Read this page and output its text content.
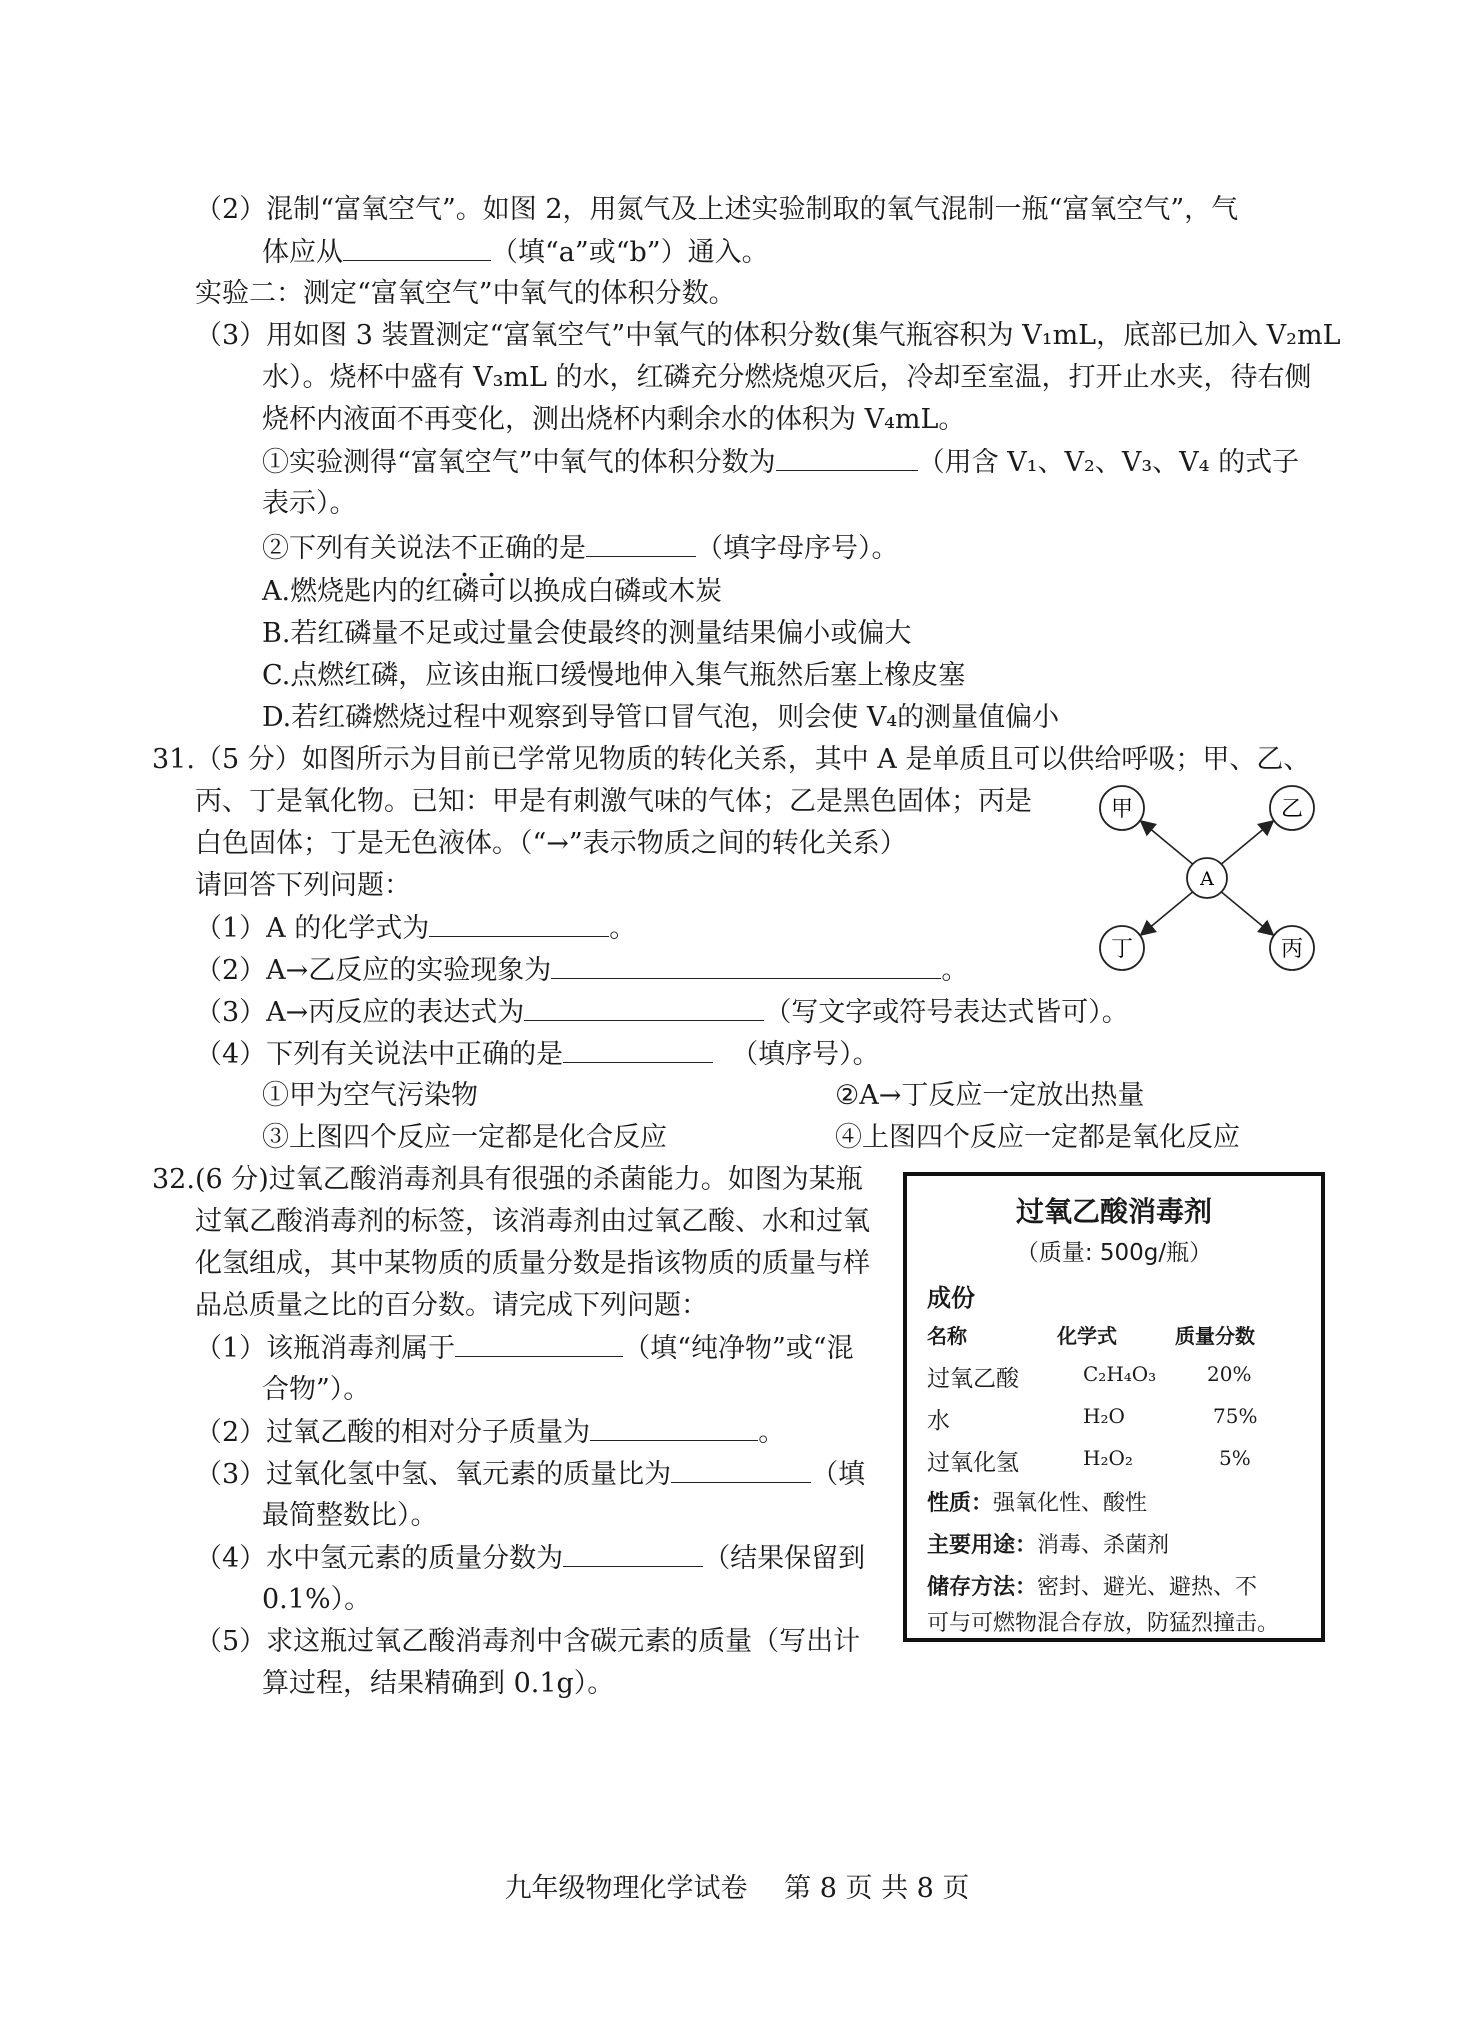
（2）混制“富氧空气”。如图 2，用氮气及上述实验制取的氧气混制一瓶“富氧空气”，气
体应从	（填“a”或“b”）通入。
实验二：测定“富氧空气”中氧气的体积分数。
（3）用如图 3 装置测定“富氧空气”中氧气的体积分数(集气瓶容积为 V₁mL，底部已加入 V₂mL
水）。烧杯中盛有 V₃mL 的水，红磷充分燃烧熄灭后，冷却至室温，打开止水夹，待右侧
烧杯内液面不再变化，测出烧杯内剩余水的体积为 V₄mL。
①实验测得“富氧空气”中氧气的体积分数为	（用含 V₁、V₂、V₃、V₄ 的式子
表示）。
②下列有关说法不正确的是	（填字母序号）。
A.燃烧匙内的红磷可以换成白磷或木炭
B.若红磷量不足或过量会使最终的测量结果偏小或偏大
C.点燃红磷，应该由瓶口缓慢地伸入集气瓶然后塞上橡皮塞
D.若红磷燃烧过程中观察到导管口冒气泡，则会使 V₄的测量值偏小
31.（5 分）如图所示为目前已学常见物质的转化关系，其中 A 是单质且可以供给呼吸；甲、乙、
丙、丁是氧化物。已知：甲是有刺激气味的气体；乙是黑色固体；丙是
白色固体；丁是无色液体。（“→”表示物质之间的转化关系）
请回答下列问题：
（1）A 的化学式为	。
（2）A→乙反应的实验现象为	。
（3）A→丙反应的表达式为	（写文字或符号表达式皆可）。
（4）下列有关说法中正确的是	（填序号）。
①甲为空气污染物	②A→丁反应一定放出热量
③上图四个反应一定都是化合反应	④上图四个反应一定都是氧化反应
A
甲	乙
丁	丙
32.(6 分)过氧乙酸消毒剂具有很强的杀菌能力。如图为某瓶
过氧乙酸消毒剂的标签，该消毒剂由过氧乙酸、水和过氧
化氢组成，其中某物质的质量分数是指该物质的质量与样
品总质量之比的百分数。请完成下列问题：
（1）该瓶消毒剂属于	（填“纯净物”或“混
合物”）。
（2）过氧乙酸的相对分子质量为	。
（3）过氧化氢中氢、氧元素的质量比为	（填
最简整数比）。
（4）水中氢元素的质量分数为	（结果保留到
0.1%）。
（5）求这瓶过氧乙酸消毒剂中含碳元素的质量（写出计
算过程，结果精确到 0.1g）。
过氧乙酸消毒剂
（质量: 500g/瓶）
成份
名称	化学式	质量分数
过氧乙酸	C₂H₄O₃	20%
水	H₂O	75%
过氧化氢	H₂O₂	5%
性质：强氧化性、酸性
主要用途：消毒、杀菌剂
储存方法：密封、避光、避热、不
可与可燃物混合存放，防猛烈撞击。
九年级物理化学试卷 第 8 页 共 8 页
